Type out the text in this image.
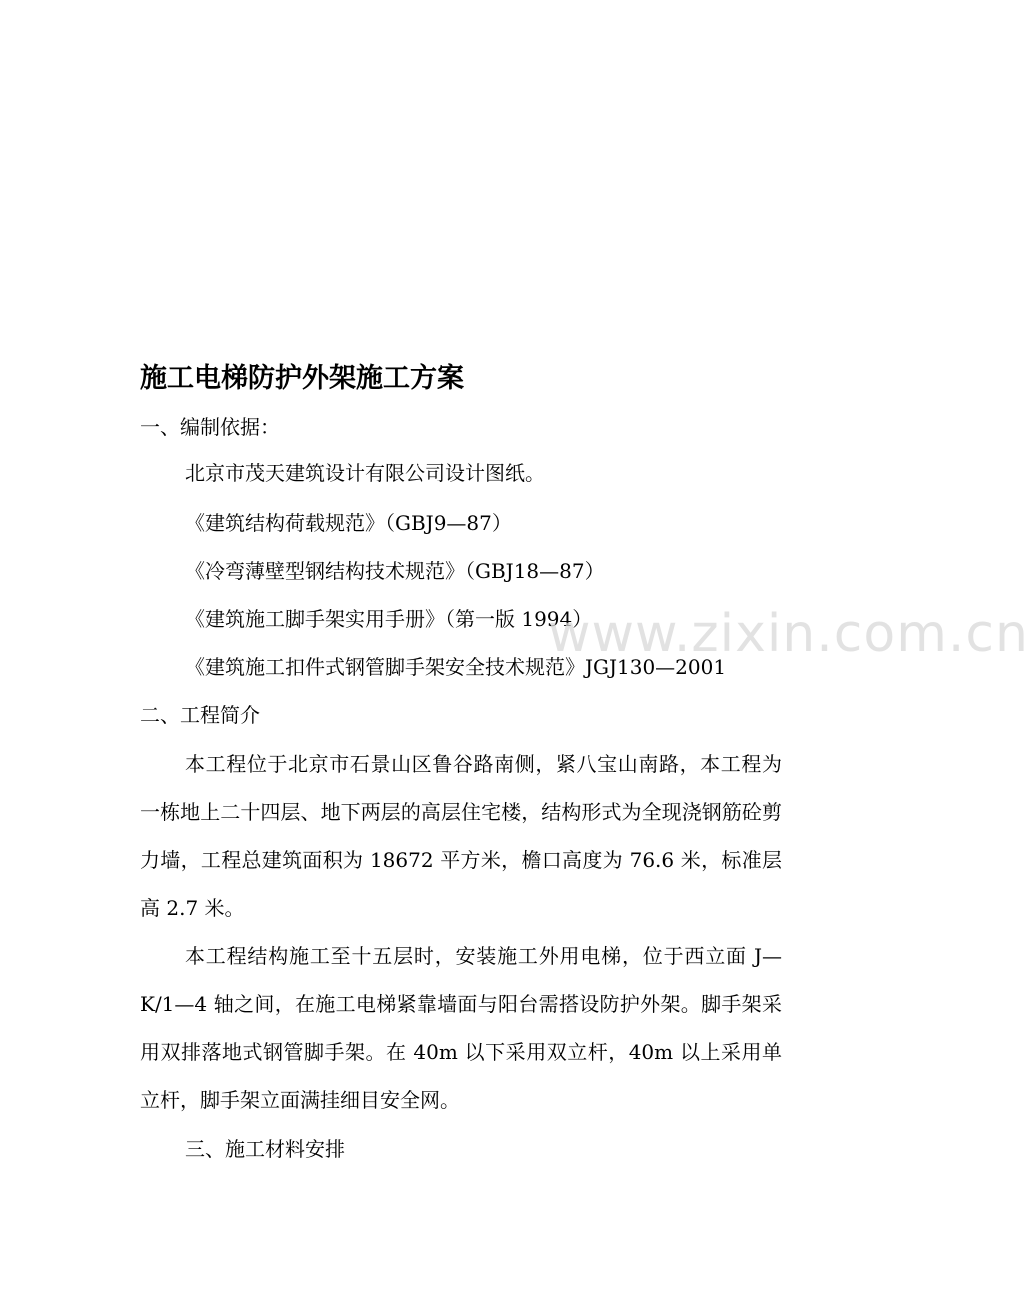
施工电梯防护外架施工方案

一、编制依据：

北京市茂天建筑设计有限公司设计图纸。

《建筑结构荷载规范》（GBJ9—87）

《冷弯薄壁型钢结构技术规范》（GBJ18—87）

《建筑施工脚手架实用手册》（第一版 1994）

《建筑施工扣件式钢管脚手架安全技术规范》JGJ130—2001

二、工程简介

本工程位于北京市石景山区鲁谷路南侧，紧八宝山南路，本工程为一栋地上二十四层、地下两层的高层住宅楼，结构形式为全现浇钢筋砼剪力墙，工程总建筑面积为 18672 平方米，檐口高度为 76.6 米，标准层高 2.7 米。

本工程结构施工至十五层时，安装施工外用电梯，位于西立面 J—K/1—4 轴之间，在施工电梯紧靠墙面与阳台需搭设防护外架。脚手架采用双排落地式钢管脚手架。在 40m 以下采用双立杆，40m 以上采用单立杆，脚手架立面满挂细目安全网。

三、施工材料安排

www.zixin.com.cn
